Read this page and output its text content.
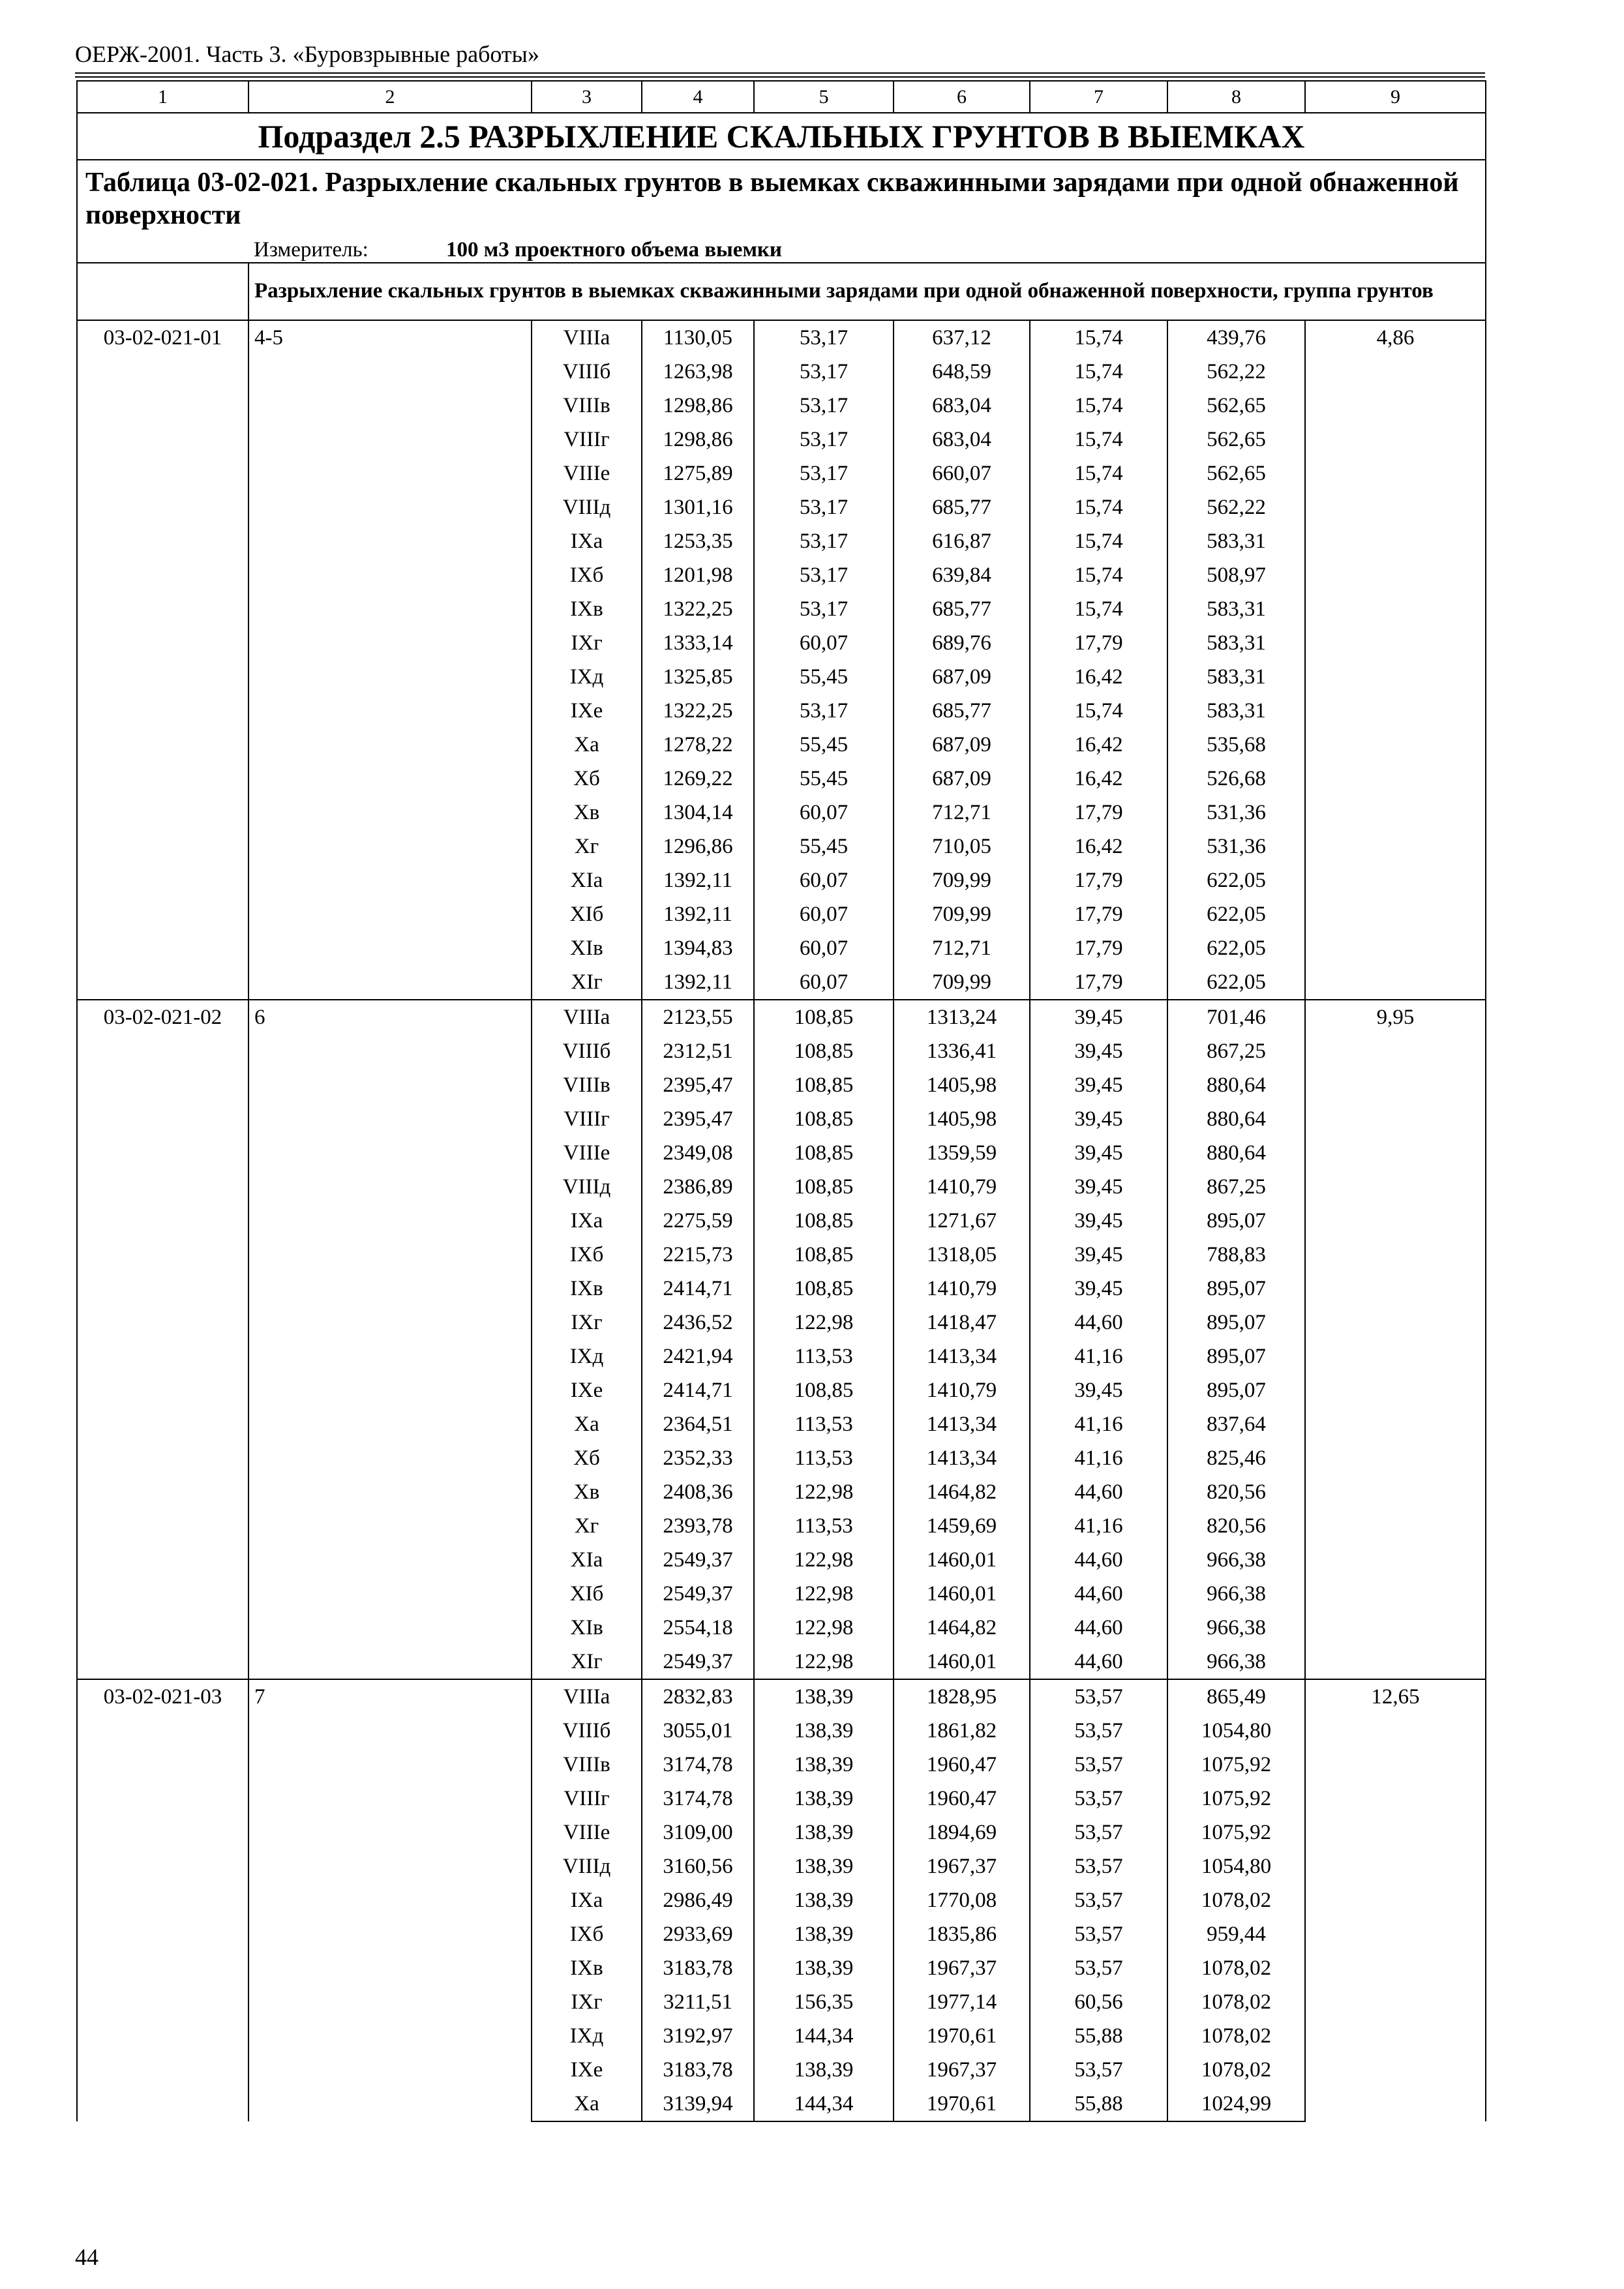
ОЕРЖ-2001. Часть 3. «Буровзрывные работы»
1	2	3	4	5	6	7	8	9
Подраздел 2.5 РАЗРЫХЛЕНИЕ СКАЛЬНЫХ ГРУНТОВ В ВЫЕМКАХ								
Таблица 03-02-021. Разрыхление скальных грунтов в выемках скважинными зарядами при одной обнаженной поверхности								
	Измеритель: 100 м3 проектного объема выемки							
	Разрыхление скальных грунтов в выемках скважинными зарядами при одной обнаженной поверхности, группа грунтов							
03-02-021-01	4-5	VIIIа	1130,05	53,17	637,12	15,74	439,76	4,86
		VIIIб	1263,98	53,17	648,59	15,74	562,22	
		VIIIв	1298,86	53,17	683,04	15,74	562,65	
		VIIIг	1298,86	53,17	683,04	15,74	562,65	
		VIIIе	1275,89	53,17	660,07	15,74	562,65	
		VIIIд	1301,16	53,17	685,77	15,74	562,22	
		IXа	1253,35	53,17	616,87	15,74	583,31	
		IXб	1201,98	53,17	639,84	15,74	508,97	
		IXв	1322,25	53,17	685,77	15,74	583,31	
		IXг	1333,14	60,07	689,76	17,79	583,31	
		IXд	1325,85	55,45	687,09	16,42	583,31	
		IXе	1322,25	53,17	685,77	15,74	583,31	
		Xа	1278,22	55,45	687,09	16,42	535,68	
		Xб	1269,22	55,45	687,09	16,42	526,68	
		Xв	1304,14	60,07	712,71	17,79	531,36	
		Xг	1296,86	55,45	710,05	16,42	531,36	
		XIа	1392,11	60,07	709,99	17,79	622,05	
		XIб	1392,11	60,07	709,99	17,79	622,05	
		XIв	1394,83	60,07	712,71	17,79	622,05	
		XIг	1392,11	60,07	709,99	17,79	622,05	
03-02-021-02	6	VIIIа	2123,55	108,85	1313,24	39,45	701,46	9,95
		VIIIб	2312,51	108,85	1336,41	39,45	867,25	
		VIIIв	2395,47	108,85	1405,98	39,45	880,64	
		VIIIг	2395,47	108,85	1405,98	39,45	880,64	
		VIIIе	2349,08	108,85	1359,59	39,45	880,64	
		VIIIд	2386,89	108,85	1410,79	39,45	867,25	
		IXа	2275,59	108,85	1271,67	39,45	895,07	
		IXб	2215,73	108,85	1318,05	39,45	788,83	
		IXв	2414,71	108,85	1410,79	39,45	895,07	
		IXг	2436,52	122,98	1418,47	44,60	895,07	
		IXд	2421,94	113,53	1413,34	41,16	895,07	
		IXе	2414,71	108,85	1410,79	39,45	895,07	
		Xа	2364,51	113,53	1413,34	41,16	837,64	
		Xб	2352,33	113,53	1413,34	41,16	825,46	
		Xв	2408,36	122,98	1464,82	44,60	820,56	
		Xг	2393,78	113,53	1459,69	41,16	820,56	
		XIа	2549,37	122,98	1460,01	44,60	966,38	
		XIб	2549,37	122,98	1460,01	44,60	966,38	
		XIв	2554,18	122,98	1464,82	44,60	966,38	
		XIг	2549,37	122,98	1460,01	44,60	966,38	
03-02-021-03	7	VIIIа	2832,83	138,39	1828,95	53,57	865,49	12,65
		VIIIб	3055,01	138,39	1861,82	53,57	1054,80	
		VIIIв	3174,78	138,39	1960,47	53,57	1075,92	
		VIIIг	3174,78	138,39	1960,47	53,57	1075,92	
		VIIIе	3109,00	138,39	1894,69	53,57	1075,92	
		VIIIд	3160,56	138,39	1967,37	53,57	1054,80	
		IXа	2986,49	138,39	1770,08	53,57	1078,02	
		IXб	2933,69	138,39	1835,86	53,57	959,44	
		IXв	3183,78	138,39	1967,37	53,57	1078,02	
		IXг	3211,51	156,35	1977,14	60,56	1078,02	
		IXд	3192,97	144,34	1970,61	55,88	1078,02	
		IXе	3183,78	138,39	1967,37	53,57	1078,02	
		Xа	3139,94	144,34	1970,61	55,88	1024,99	
44
